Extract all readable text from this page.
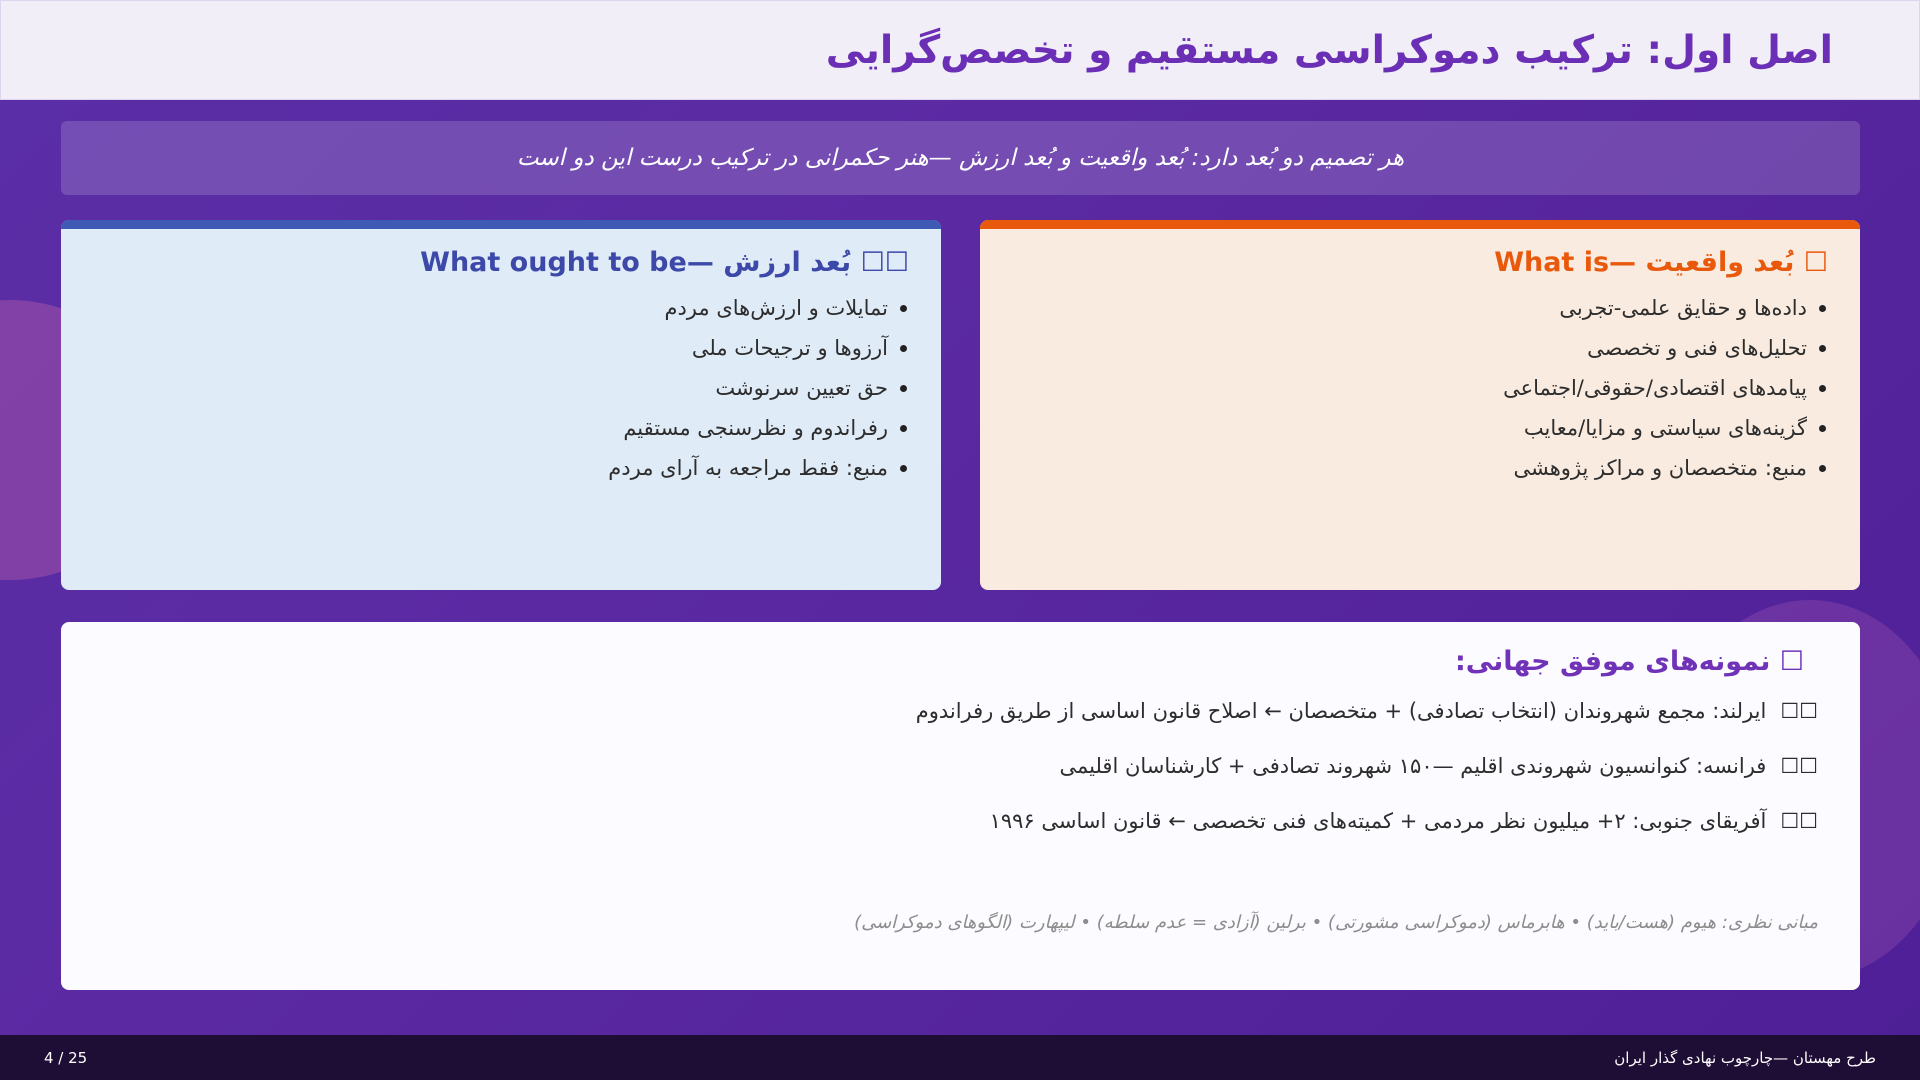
اصل اول: ترکیب دموکراسی مستقیم و تخصص‌گرایی
هر تصمیم دو بُعد دارد: بُعد واقعیت و بُعد ارزش —هنر حکمرانی در ترکیب درست این دو است
☐ بُعد واقعیت —What is
داده‌ها و حقایق علمی-تجربی
تحلیل‌های فنی و تخصصی
پیامدهای اقتصادی/حقوقی/اجتماعی
گزینه‌های سیاستی و مزایا/معایب
منبع: متخصصان و مراکز پژوهشی
☐☐ بُعد ارزش —What ought to be
تمایلات و ارزش‌های مردم
آرزوها و ترجیحات ملی
حق تعیین سرنوشت
رفراندوم و نظرسنجی مستقیم
منبع: فقط مراجعه به آرای مردم
☐ نمونه‌های موفق جهانی:
☐☐
ایرلند: مجمع شهروندان (انتخاب تصادفی) + متخصصان ← اصلاح قانون اساسی از طریق رفراندوم
☐☐
فرانسه: کنوانسیون شهروندی اقلیم —۱۵۰ شهروند تصادفی + کارشناسان اقلیمی
☐☐
آفریقای جنوبی: ۲+ میلیون نظر مردمی + کمیته‌های فنی تخصصی ← قانون اساسی ۱۹۹۶
مبانی نظری: هیوم (هست/باید) • هابرماس (دموکراسی مشورتی) • برلین (آزادی = عدم سلطه) • لیپهارت (الگوهای دموکراسی)
4 / 25	طرح مهستان —چارچوب نهادی گذار ایران
